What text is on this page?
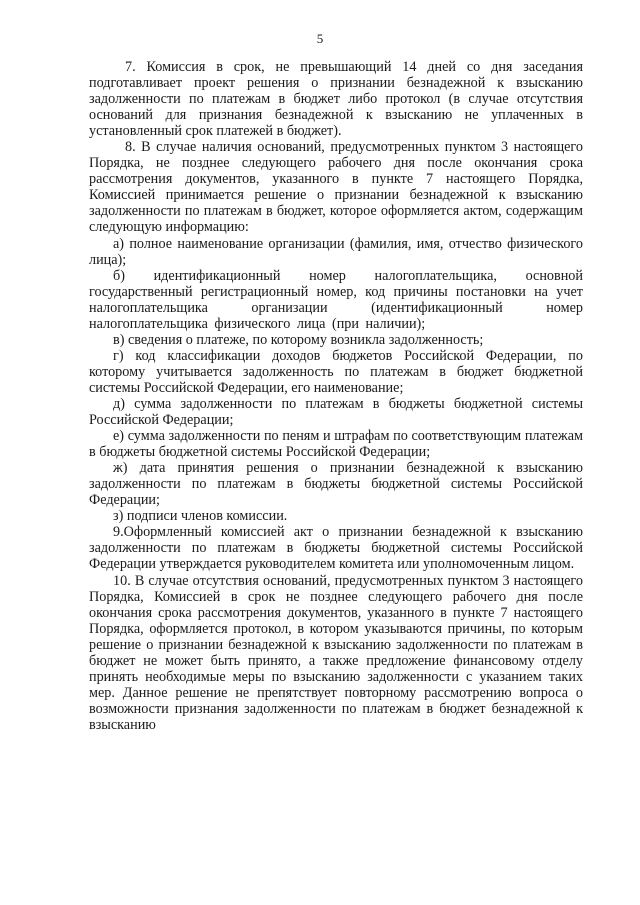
5

7. Комиссия в срок, не превышающий 14 дней со дня заседания подготавливает проект решения о признании безнадежной к взысканию задолженности по платежам в бюджет либо протокол (в случае отсутствия оснований для признания безнадежной к взысканию не уплаченных в установленный срок платежей в бюджет).

8. В случае наличия оснований, предусмотренных пунктом 3 настоящего Порядка, не позднее следующего рабочего дня после окончания срока рассмотрения документов, указанного в пункте 7 настоящего Порядка, Комиссией принимается решение о признании безнадежной к взысканию задолженности по платежам в бюджет, которое оформляется актом, содержащим следующую информацию:

а) полное наименование организации (фамилия, имя, отчество физического лица);

б) идентификационный номер налогоплательщика, основной государственный регистрационный номер, код причины постановки на учет налогоплательщика организации (идентификационный номер налогоплательщика физического лица (при наличии);

в) сведения о платеже, по которому возникла задолженность;

г) код классификации доходов бюджетов Российской Федерации, по которому учитывается задолженность по платежам в бюджет бюджетной системы Российской Федерации, его наименование;

д) сумма задолженности по платежам в бюджеты бюджетной системы Российской Федерации;

е) сумма задолженности по пеням и штрафам по соответствующим платежам в бюджеты бюджетной системы Российской Федерации;

ж) дата принятия решения о признании безнадежной к взысканию задолженности по платежам в бюджеты бюджетной системы Российской Федерации;

з) подписи членов комиссии.

9.Оформленный комиссией акт о признании безнадежной к взысканию задолженности по платежам в бюджеты бюджетной системы Российской Федерации утверждается руководителем комитета или уполномоченным лицом.

10. В случае отсутствия оснований, предусмотренных пунктом 3 настоящего Порядка, Комиссией в срок не позднее следующего рабочего дня после окончания срока рассмотрения документов, указанного в пункте 7 настоящего Порядка, оформляется протокол, в котором указываются причины, по которым решение о признании безнадежной к взысканию задолженности по платежам в бюджет не может быть принято, а также предложение финансовому отделу принять необходимые меры по взысканию задолженности с указанием таких мер. Данное решение не препятствует повторному рассмотрению вопроса о возможности признания задолженности по платежам в бюджет безнадежной к взысканию
